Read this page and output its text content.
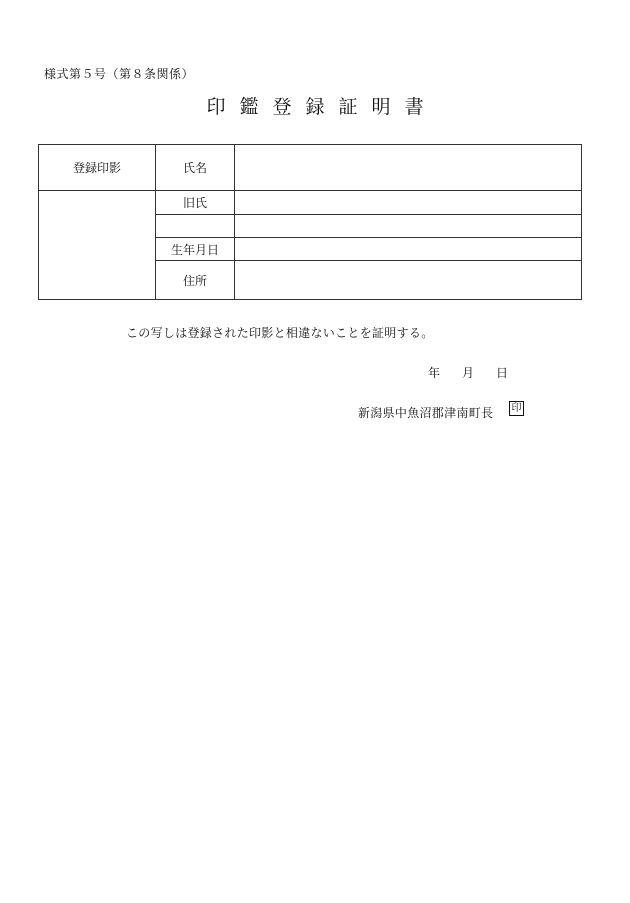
様式第５号（第８条関係）
印鑑登録証明書
登録印影	氏名	
	旧氏	

	生年月日	
	住所	
この写しは登録された印影と相違ないことを証明する。
年 月 日
新潟県中魚沼郡津南町長 印
